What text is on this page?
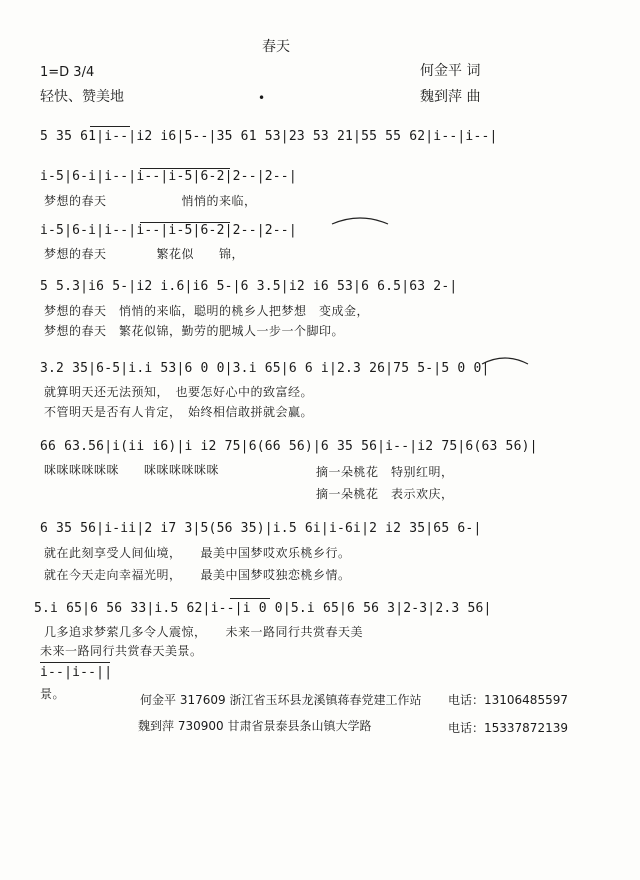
春天
1=D 3/4
轻快、赞美地	•
何金平 词
魏到萍 曲
5 35 61|i--|i2 i6|5--|35 61 53|23 53 21|55 55 62|i--|i--|
i-5|6-i|i--|i--|i-5|6-2|2--|2--|
梦想的春天　　　　　　悄悄的来临，
i-5|6-i|i--|i--|i-5|6-2|2--|2--|
梦想的春天　　　　繁花似　　锦，
5 5.3|i6 5-|i2 i.6|i6 5-|6 3.5|i2 i6 53|6 6.5|63 2-|
梦想的春天　悄悄的来临，聪明的桃乡人把梦想　变成金，
梦想的春天　繁花似锦，勤劳的肥城人一步一个脚印。
3.2 35|6-5|i.i 53|6 0 0|3.i 65|6 6 i|2.3 26|75 5-|5 0 0|
就算明天还无法预知，　也要怎好心中的致富经。
不管明天是否有人肯定，　始终相信敢拼就会赢。
66 63.56|i(ii i6)|i i2 75|6(66 56)|6 35 56|i--|i2 75|6(63 56)|
咪咪咪咪咪咪　　咪咪咪咪咪咪	摘一朵桃花　特别红明，
摘一朵桃花　表示欢庆，
6 35 56|i-ii|2 i7 3|5(56 35)|i.5 6i|i-6i|2 i2 35|65 6-|
就在此刻享受人间仙境，　　最美中国梦哎欢乐桃乡行。
就在今天走向幸福光明，　　最美中国梦哎独恋桃乡情。
5.i 65|6 56 33|i.5 62|i--|i 0 0|5.i 65|6 56 3|2-3|2.3 56|
几多追求梦萦几多令人震惊，　　未来一路同行共赏春天美
未来一路同行共赏春天美景。
i--|i--||
景。	何金平 317609 浙江省玉环县龙溪镇蒋春党建工作站 电话：13106485597
魏到萍 730900 甘肃省景泰县条山镇大学路	电话：15337872139
